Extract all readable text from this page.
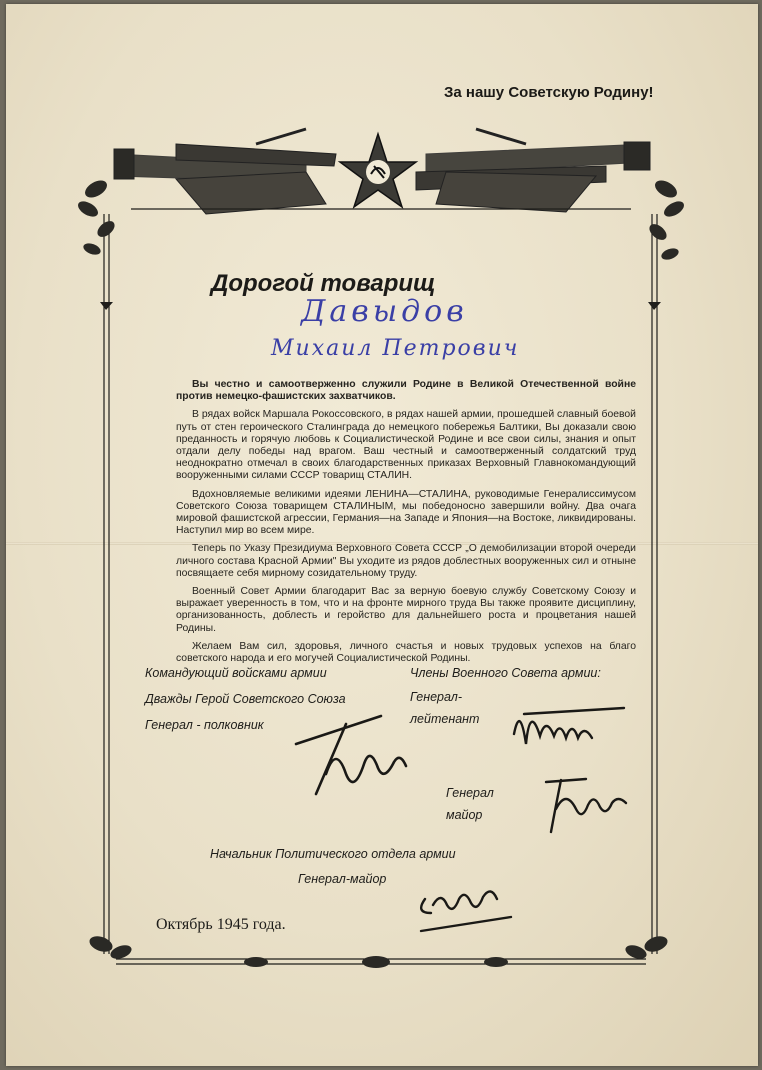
За нашу Советскую Родину!
Дорогой товарищ
Давыдов
Михаил Петрович

Вы честно и самоотверженно служили Родине в Великой Отечественной войне против немецко-фашистских захватчиков.

В рядах войск Маршала Рокоссовского, в рядах нашей армии, прошедшей славный боевой путь от стен героического Сталинграда до немецкого побережья Балтики, Вы доказали свою преданность и горячую любовь к Социалистической Родине и все свои силы, знания и опыт отдали делу победы над врагом. Ваш честный и самоотверженный солдатский труд неоднократно отмечал в своих благодарственных приказах Верховный Главнокомандующий вооруженными силами СССР товарищ СТАЛИН.

Вдохновляемые великими идеями ЛЕНИНА—СТАЛИНА, руководимые Генералиссимусом Советского Союза товарищем СТАЛИНЫМ, мы победоносно завершили войну. Два очага мировой фашистской агрессии, Германия—на Западе и Япония—на Востоке, ликвидированы. Наступил мир во всем мире.

Теперь по Указу Президиума Верховного Совета СССР „О демобилизации второй очереди личного состава Красной Армии" Вы уходите из рядов доблестных вооруженных сил и отныне посвящаете себя мирному созидательному труду.

Военный Совет Армии благодарит Вас за верную боевую службу Советскому Союзу и выражает уверенность в том, что и на фронте мирного труда Вы также проявите дисциплину, организованность, доблесть и геройство для дальнейшего роста и процветания нашей Родины.

Желаем Вам сил, здоровья, личного счастья и новых трудовых успехов на благо советского народа и его могучей Социалистической Родины.

Командующий войсками армии
Дважды Герой Советского Союза
Генерал - полковник
Члены Военного Совета армии:
Генерал-
лейтенант
Генерал
майор
Начальник Политического отдела армии
Генерал-майор
Октябрь 1945 года.
